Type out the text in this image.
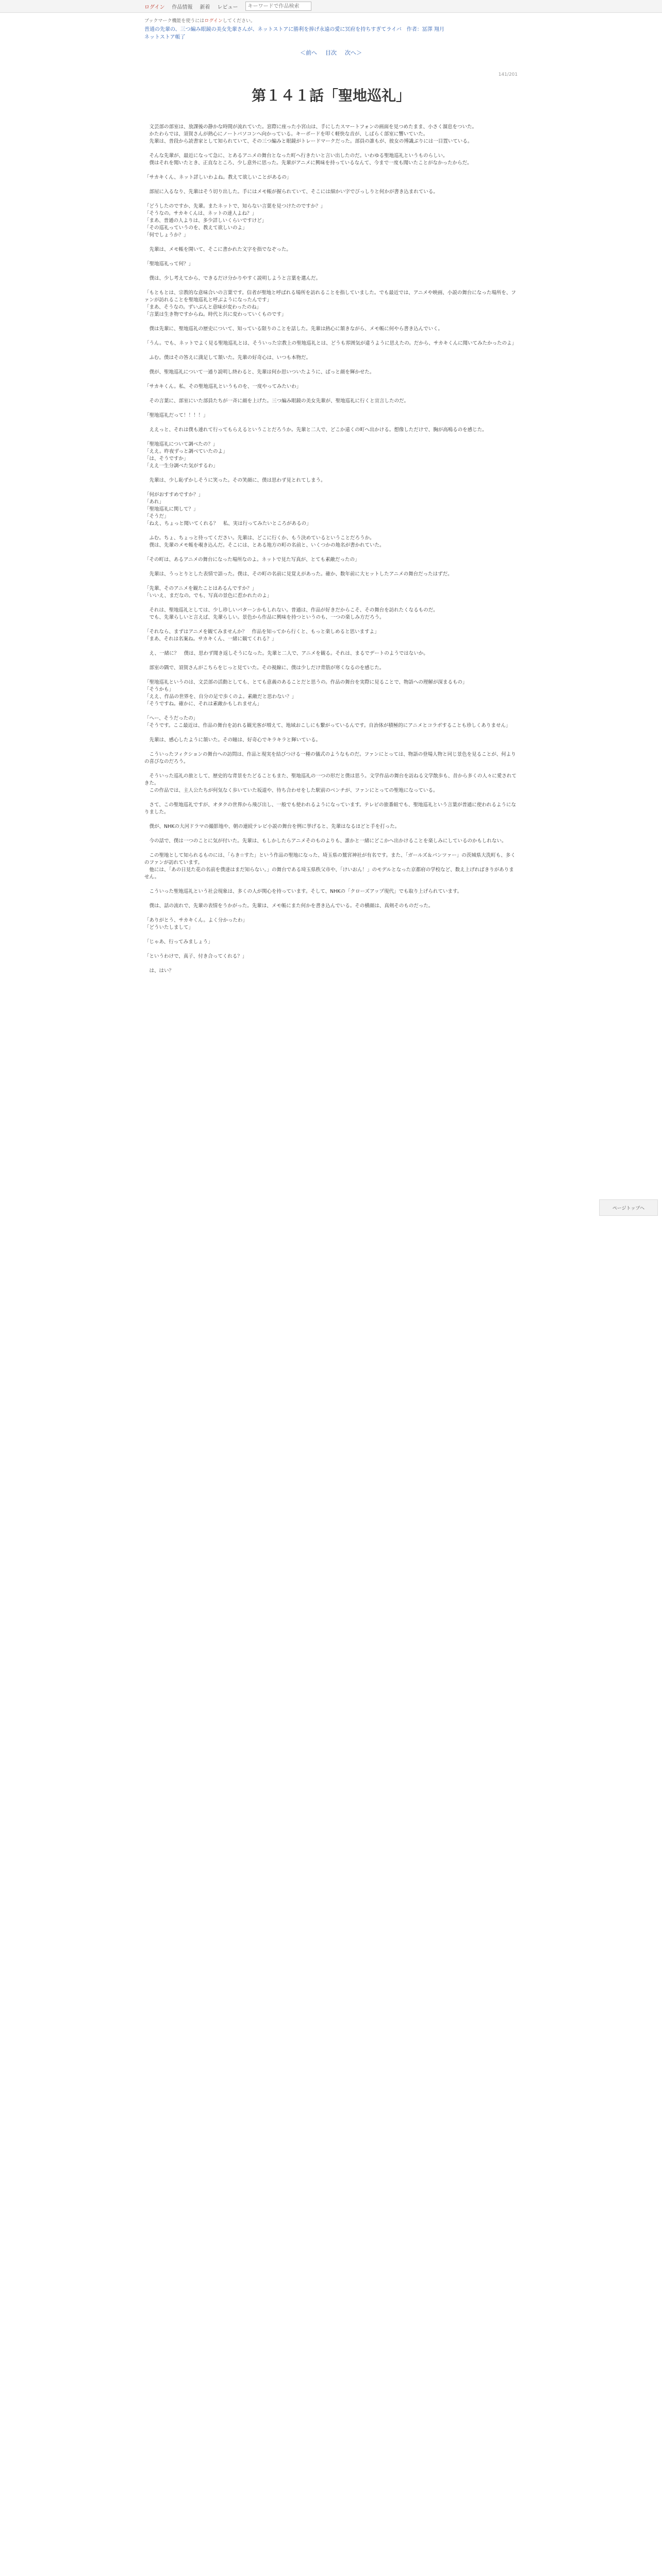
ログイン 作品情報 新着 レビュー
キーワードで作品検索
ブックマーク機能を使うにはログインしてください。
普通の先輩の、三つ編み眼鏡の美女先輩さんが、ネットストアに勝利を捧げ永遠の愛に冥府を持ちすぎてライバ　作者：冨澤 翔月
ネットストア帳了
＜前へ 目次 次へ＞
141/201
第１４１話「聖地巡礼」

　文芸部の部室は、放課後の静かな時間が流れていた。窓際に座った小宮山は、手にしたスマートフォンの画面を見つめたまま、小さく溜息をついた。

　かたわらでは、須賀さんが熱心にノートパソコンへ向かっている。キーボードを叩く軽快な音が、しばらく部室に響いていた。

　先輩は、普段から読書家として知られていて、その三つ編みと眼鏡がトレードマークだった。部員の誰もが、彼女の博識ぶりには一目置いている。

　そんな先輩が、最近になって急に、とあるアニメの舞台となった町へ行きたいと言い出したのだ。いわゆる聖地巡礼というものらしい。

　僕はそれを聞いたとき、正直なところ、少し意外に思った。先輩がアニメに興味を持っているなんて、今まで一度も聞いたことがなかったからだ。

「サカキくん、ネット詳しいわよね。教えて欲しいことがあるの」

　部屋に入るなり、先輩はそう切り出した。手にはメモ帳が握られていて、そこには細かい字でびっしりと何かが書き込まれている。

「どうしたのですか、先輩。またネットで、知らない言葉を見つけたのですか？」

「そうなの。サカキくんは、ネットの達人よね？」

「まあ、普通の人よりは、多少詳しいくらいですけど」

「その巡礼っていうのを、教えて欲しいのよ」

「何でしょうか？」

　先輩は、メモ帳を開いて、そこに書かれた文字を指でなぞった。

「聖地巡礼って何？」

　僕は、少し考えてから、できるだけ分かりやすく説明しようと言葉を選んだ。

「もともとは、宗教的な意味合いの言葉です。信者が聖地と呼ばれる場所を訪れることを指していました。でも最近では、アニメや映画、小説の舞台になった場所を、ファンが訪れることを聖地巡礼と呼ぶようになったんです」

「まあ、そうなの。ずいぶんと意味が変わったのね」

「言葉は生き物ですからね。時代と共に変わっていくものです」

　僕は先輩に、聖地巡礼の歴史について、知っている限りのことを話した。先輩は熱心に頷きながら、メモ帳に何やら書き込んでいく。

「うん。でも、ネットでよく見る聖地巡礼とは、そういった宗教上の聖地巡礼とは、どうも雰囲気が違うように思えたの。だから、サカキくんに聞いてみたかったのよ」

　ふむ。僕はその答えに満足して頷いた。先輩の好奇心は、いつも本物だ。

　僕が、聖地巡礼について一通り説明し終わると、先輩は何か思いついたように、ぱっと顔を輝かせた。

「サカキくん。私、その聖地巡礼というものを、一度やってみたいわ」

　その言葉に、部室にいた部員たちが一斉に顔を上げた。三つ編み眼鏡の美女先輩が、聖地巡礼に行くと宣言したのだ。

「聖地巡礼だって！！！！」

　ええっと、それは僕も連れて行ってもらえるということだろうか。先輩と二人で、どこか遠くの町へ出かける。想像しただけで、胸が高鳴るのを感じた。

「聖地巡礼について調べたの？」

「ええ。昨夜ずっと調べていたのよ」

「は、そうですか」

「ええ一生分調べた気がするわ」

　先輩は、少し恥ずかしそうに笑った。その笑顔に、僕は思わず見とれてしまう。

「何がおすすめですか？」

「あれ」

「聖地巡礼に関して？」

「そうだ」

「ねえ、ちょっと聞いてくれる？　私、実は行ってみたいところがあるの」

　ふむ。ちょ、ちょっと待ってください。先輩は、どこに行くか、もう決めているということだろうか。

　僕は、先輩のメモ帳を覗き込んだ。そこには、とある地方の町の名前と、いくつかの地名が書かれていた。

「その町は、あるアニメの舞台になった場所なのよ。ネットで見た写真が、とても素敵だったの」

　先輩は、うっとりとした表情で語った。僕は、その町の名前に見覚えがあった。確か、数年前に大ヒットしたアニメの舞台だったはずだ。

「先輩、そのアニメを観たことはあるんですか？」

「いいえ、まだなの。でも、写真の景色に惹かれたのよ」

　それは、聖地巡礼としては、少し珍しいパターンかもしれない。普通は、作品が好きだからこそ、その舞台を訪れたくなるものだ。

　でも、先輩らしいと言えば、先輩らしい。景色から作品に興味を持つというのも、一つの楽しみ方だろう。

「それなら、まずはアニメを観てみませんか？　作品を知ってから行くと、もっと楽しめると思いますよ」

「まあ、それは名案ね。サカキくん、一緒に観てくれる？」

　え、一緒に？　僕は、思わず聞き返しそうになった。先輩と二人で、アニメを観る。それは、まるでデートのようではないか。

　部室の隅で、須賀さんがこちらをじっと見ていた。その視線に、僕は少しだけ背筋が寒くなるのを感じた。

「聖地巡礼というのは、文芸部の活動としても、とても意義のあることだと思うの。作品の舞台を実際に見ることで、物語への理解が深まるもの」

「そうかも」

「ええ、作品の世界を、自分の足で歩くのよ。素敵だと思わない？」

「そうですね。確かに、それは素敵かもしれません」

「へー、そうだったの」

「そうです。ここ最近は、作品の舞台を訪れる観光客が増えて、地域おこしにも繋がっているんです。自治体が積極的にアニメとコラボすることも珍しくありません」

　先輩は、感心したように頷いた。その瞳は、好奇心でキラキラと輝いている。

　こういったフィクションの舞台への訪問は、作品と現実を結びつける一種の儀式のようなものだ。ファンにとっては、物語の登場人物と同じ景色を見ることが、何よりの喜びなのだろう。

　そういった巡礼の旅として、歴史的な背景をたどることもまた、聖地巡礼の一つの形だと僕は思う。文学作品の舞台を訪ねる文学散歩も、昔から多くの人々に愛されてきた。

　この作品では、主人公たちが何気なく歩いていた坂道や、待ち合わせをした駅前のベンチが、ファンにとっての聖地になっている。

　さて、この聖地巡礼ですが、オタクの世界から飛び出し、一般でも使われるようになっています。テレビの旅番組でも、聖地巡礼という言葉が普通に使われるようになりました。

　僕が、NHKの大河ドラマの撮影地や、朝の連続テレビ小説の舞台を例に挙げると、先輩はなるほどと手を打った。

　今の話で、僕は一つのことに気が付いた。先輩は、もしかしたらアニメそのものよりも、誰かと一緒にどこかへ出かけることを楽しみにしているのかもしれない。

　この聖地として知られるものには、「らき☆すた」という作品の聖地になった、埼玉県の鷲宮神社が有名です。また、「ガールズ＆パンツァー」の茨城県大洗町も、多くのファンが訪れています。

　他には、「あの日見た花の名前を僕達はまだ知らない。」の舞台である埼玉県秩父市や、「けいおん！」のモデルとなった京都府の学校など、数え上げればきりがありません。

　こういった聖地巡礼という社会現象は、多くの人が関心を持っています。そして、NHKの「クローズアップ現代」でも取り上げられています。

　僕は、話の流れで、先輩の表情をうかがった。先輩は、メモ帳にまた何かを書き込んでいる。その横顔は、真剣そのものだった。

「ありがとう、サカキくん。よく分かったわ」

「どういたしまして」

「じゃあ、行ってみましょう」

「というわけで、真子、付き合ってくれる？」

　は、はい？

ページトップへ
